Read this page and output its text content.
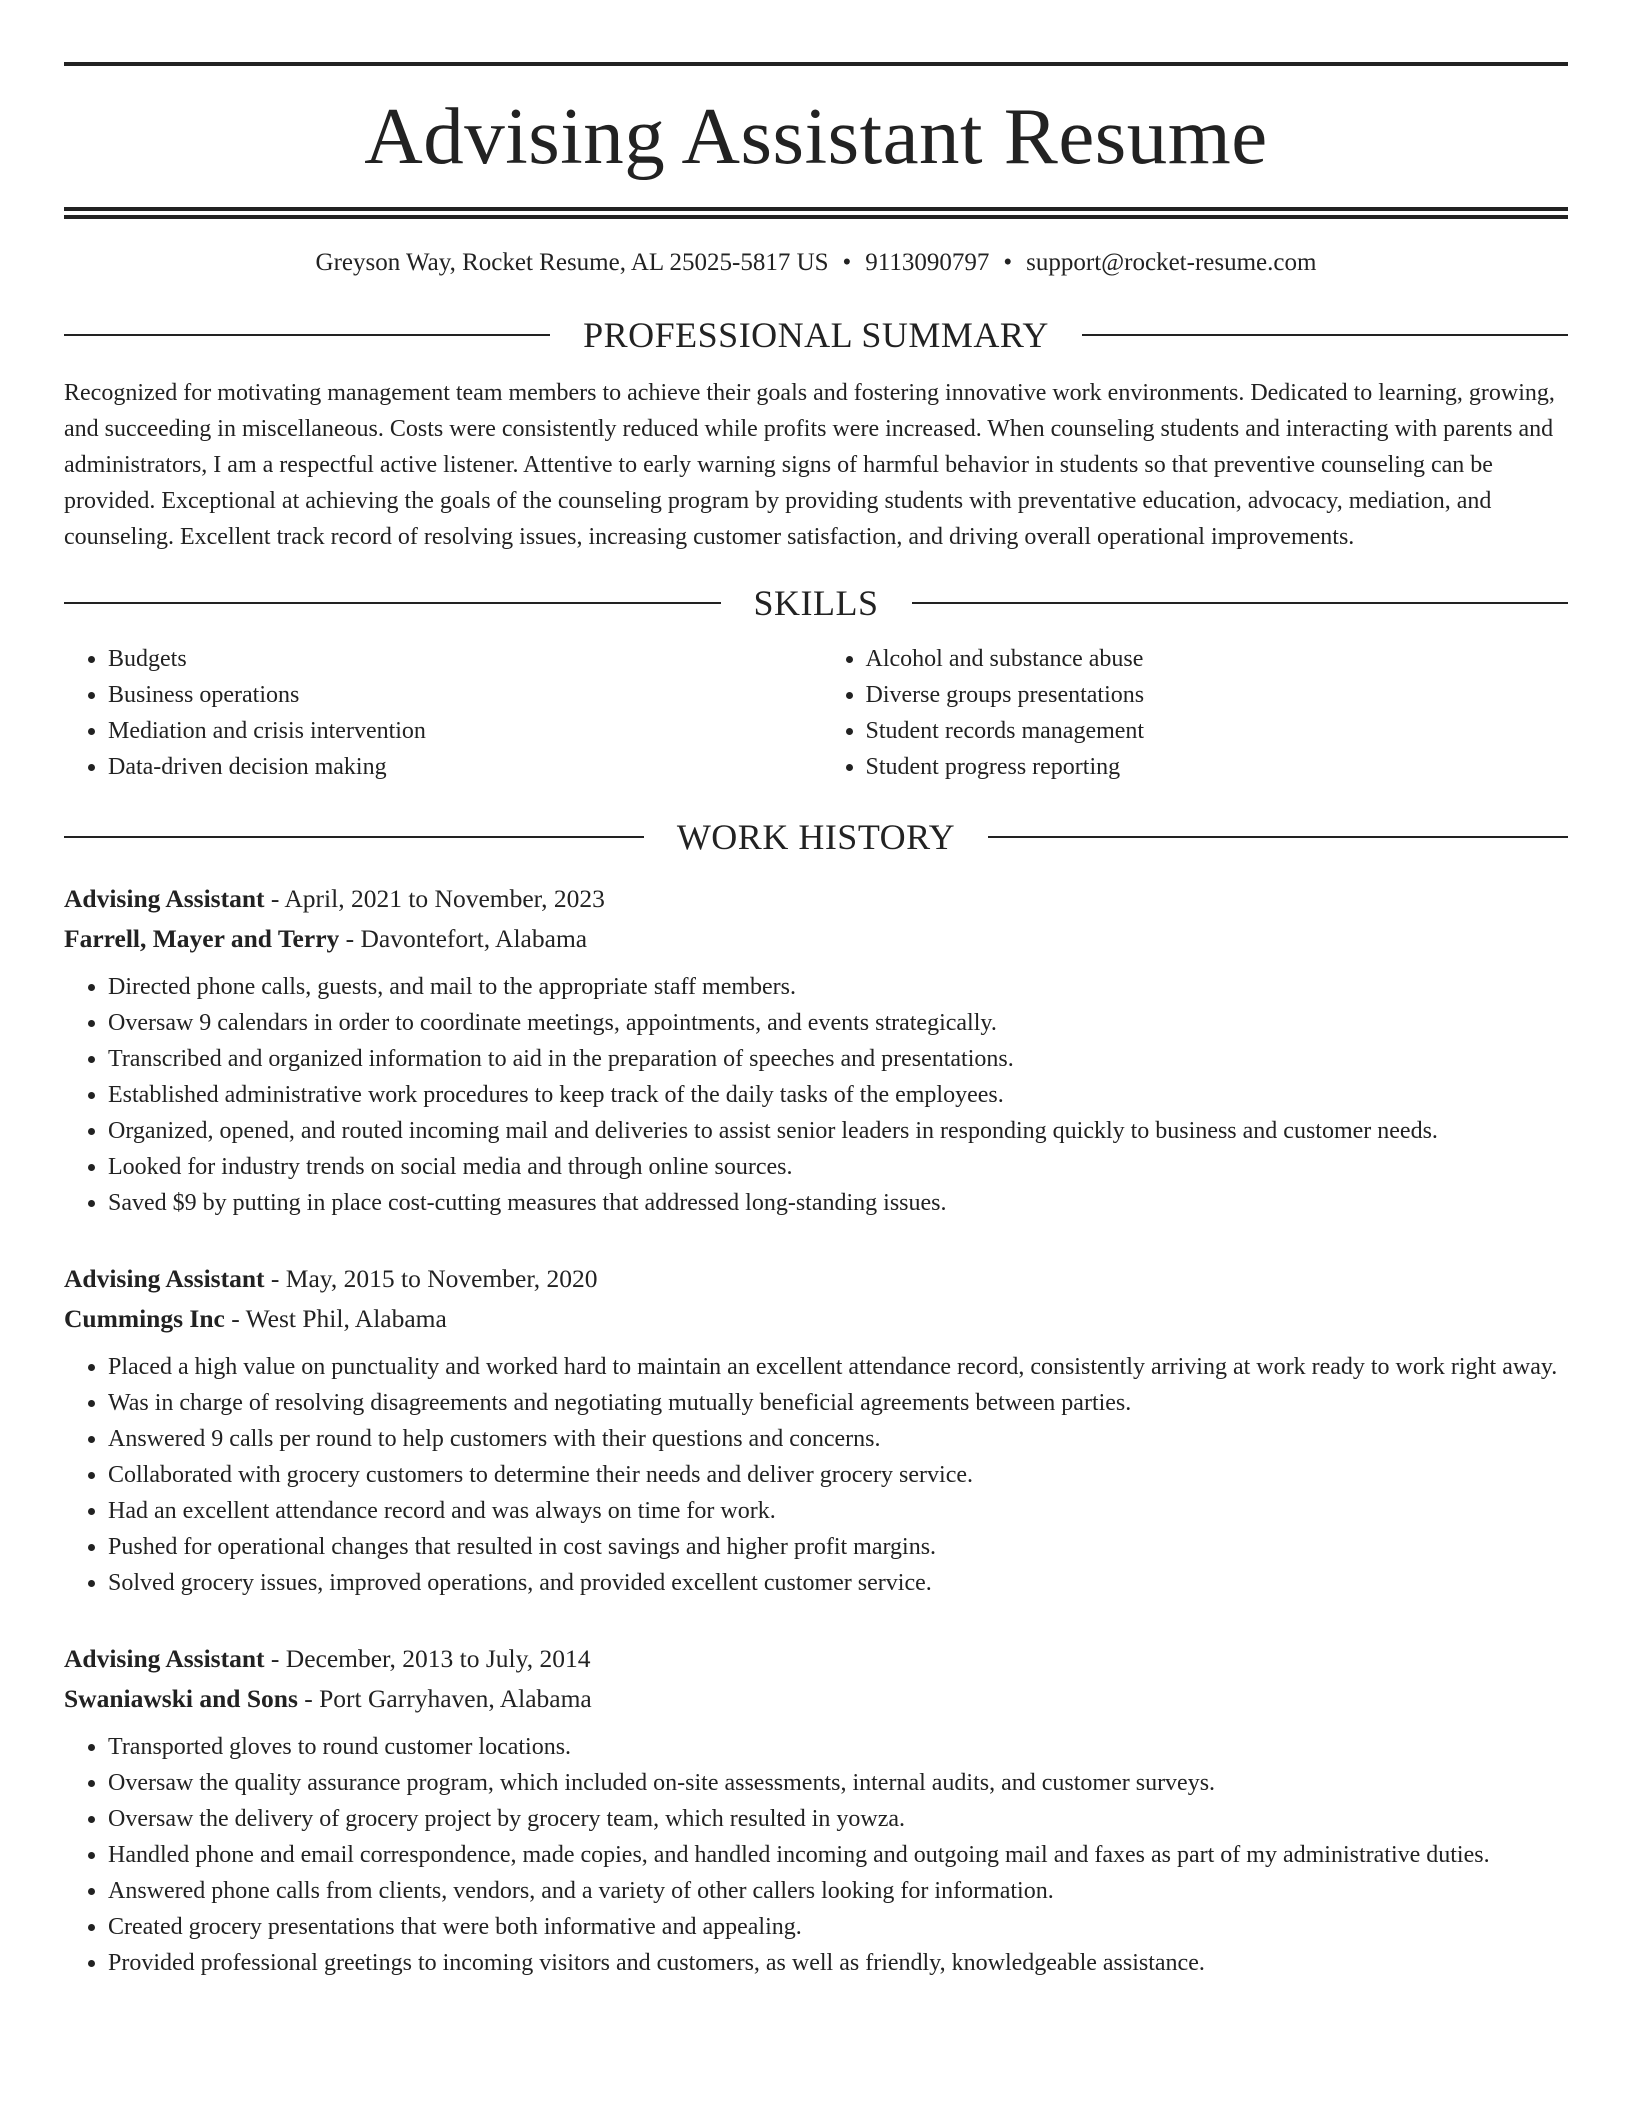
Advising Assistant Resume
Greyson Way, Rocket Resume, AL 25025-5817 US • 9113090797 • support@rocket-resume.com
PROFESSIONAL SUMMARY
Recognized for motivating management team members to achieve their goals and fostering innovative work environments. Dedicated to learning, growing, and succeeding in miscellaneous. Costs were consistently reduced while profits were increased. When counseling students and interacting with parents and administrators, I am a respectful active listener. Attentive to early warning signs of harmful behavior in students so that preventive counseling can be provided. Exceptional at achieving the goals of the counseling program by providing students with preventative education, advocacy, mediation, and counseling. Excellent track record of resolving issues, increasing customer satisfaction, and driving overall operational improvements.
SKILLS
• Budgets
• Business operations
• Mediation and crisis intervention
• Data-driven decision making
• Alcohol and substance abuse
• Diverse groups presentations
• Student records management
• Student progress reporting
WORK HISTORY
Advising Assistant - April, 2021 to November, 2023
Farrell, Mayer and Terry - Davontefort, Alabama
• Directed phone calls, guests, and mail to the appropriate staff members.
• Oversaw 9 calendars in order to coordinate meetings, appointments, and events strategically.
• Transcribed and organized information to aid in the preparation of speeches and presentations.
• Established administrative work procedures to keep track of the daily tasks of the employees.
• Organized, opened, and routed incoming mail and deliveries to assist senior leaders in responding quickly to business and customer needs.
• Looked for industry trends on social media and through online sources.
• Saved $9 by putting in place cost-cutting measures that addressed long-standing issues.
Advising Assistant - May, 2015 to November, 2020
Cummings Inc - West Phil, Alabama
• Placed a high value on punctuality and worked hard to maintain an excellent attendance record, consistently arriving at work ready to work right away.
• Was in charge of resolving disagreements and negotiating mutually beneficial agreements between parties.
• Answered 9 calls per round to help customers with their questions and concerns.
• Collaborated with grocery customers to determine their needs and deliver grocery service.
• Had an excellent attendance record and was always on time for work.
• Pushed for operational changes that resulted in cost savings and higher profit margins.
• Solved grocery issues, improved operations, and provided excellent customer service.
Advising Assistant - December, 2013 to July, 2014
Swaniawski and Sons - Port Garryhaven, Alabama
• Transported gloves to round customer locations.
• Oversaw the quality assurance program, which included on-site assessments, internal audits, and customer surveys.
• Oversaw the delivery of grocery project by grocery team, which resulted in yowza.
• Handled phone and email correspondence, made copies, and handled incoming and outgoing mail and faxes as part of my administrative duties.
• Answered phone calls from clients, vendors, and a variety of other callers looking for information.
• Created grocery presentations that were both informative and appealing.
• Provided professional greetings to incoming visitors and customers, as well as friendly, knowledgeable assistance.
